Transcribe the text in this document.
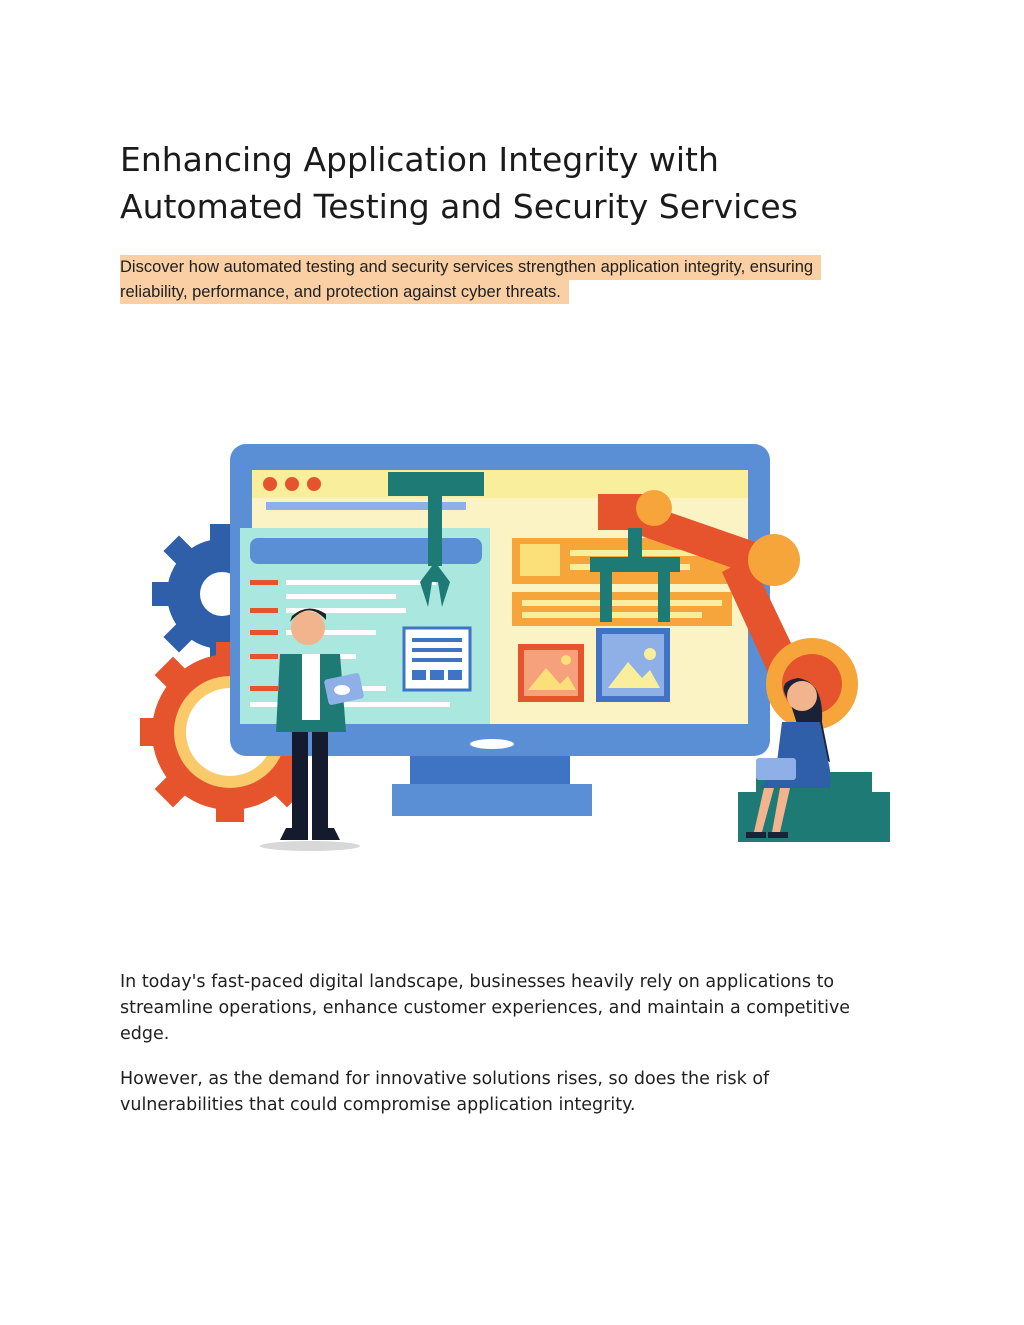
Enhancing Application Integrity with
Automated Testing and Security Services

Discover how automated testing and security services strengthen application integrity, ensuring
reliability, performance, and protection against cyber threats.

In today's fast-paced digital landscape, businesses heavily rely on applications to
streamline operations, enhance customer experiences, and maintain a competitive
edge.

However, as the demand for innovative solutions rises, so does the risk of
vulnerabilities that could compromise application integrity.
